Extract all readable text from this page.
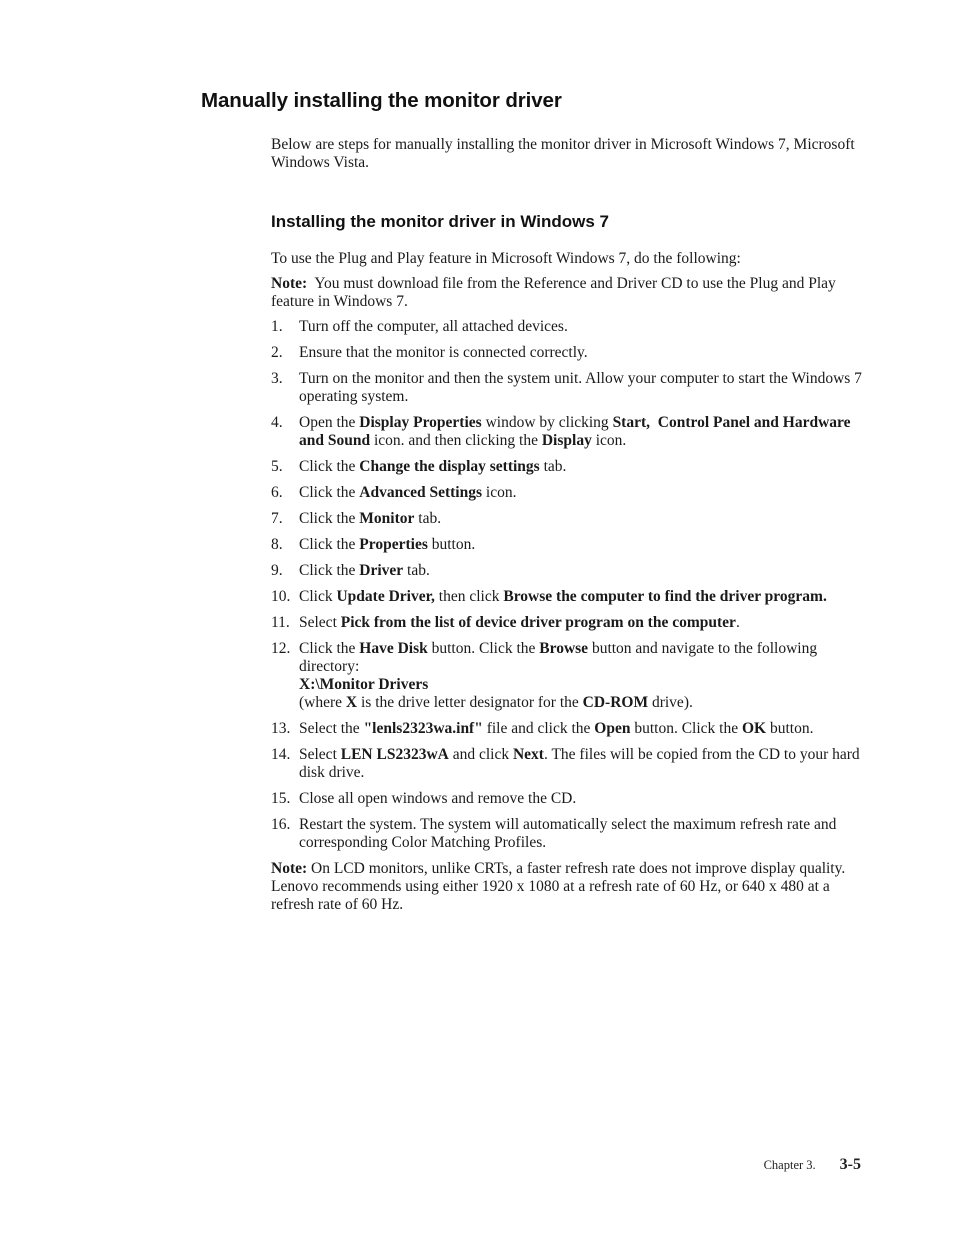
Manually installing the monitor driver
Below are steps for manually installing the monitor driver in Microsoft Windows 7, Microsoft Windows Vista.
Installing the monitor driver in Windows 7

To use the Plug and Play feature in Microsoft Windows 7, do the following:

Note:  You must download file from the Reference and Driver CD to use the Plug and Play feature in Windows 7.

1. Turn off the computer, all attached devices.
2. Ensure that the monitor is connected correctly.
3. Turn on the monitor and then the system unit. Allow your computer to start the Windows 7 operating system.
4. Open the Display Properties window by clicking Start,  Control Panel and Hardware and Sound icon. and then clicking the Display icon.
5. Click the Change the display settings tab.
6. Click the Advanced Settings icon.
7. Click the Monitor tab.
8. Click the Properties button.
9. Click the Driver tab.
10. Click Update Driver, then click Browse the computer to find the driver program.
11. Select Pick from the list of device driver program on the computer.
12. Click the Have Disk button. Click the Browse button and navigate to the following directory:
X:\Monitor Drivers
(where X is the drive letter designator for the CD-ROM drive).
13. Select the "lenls2323wa.inf" file and click the Open button. Click the OK button.
14. Select LEN LS2323wA and click Next. The files will be copied from the CD to your hard disk drive.
15. Close all open windows and remove the CD.
16. Restart the system. The system will automatically select the maximum refresh rate and corresponding Color Matching Profiles.

Note: On LCD monitors, unlike CRTs, a faster refresh rate does not improve display quality. Lenovo recommends using either 1920 x 1080 at a refresh rate of 60 Hz, or 640 x 480 at a refresh rate of 60 Hz.

Chapter 3. 3-5
